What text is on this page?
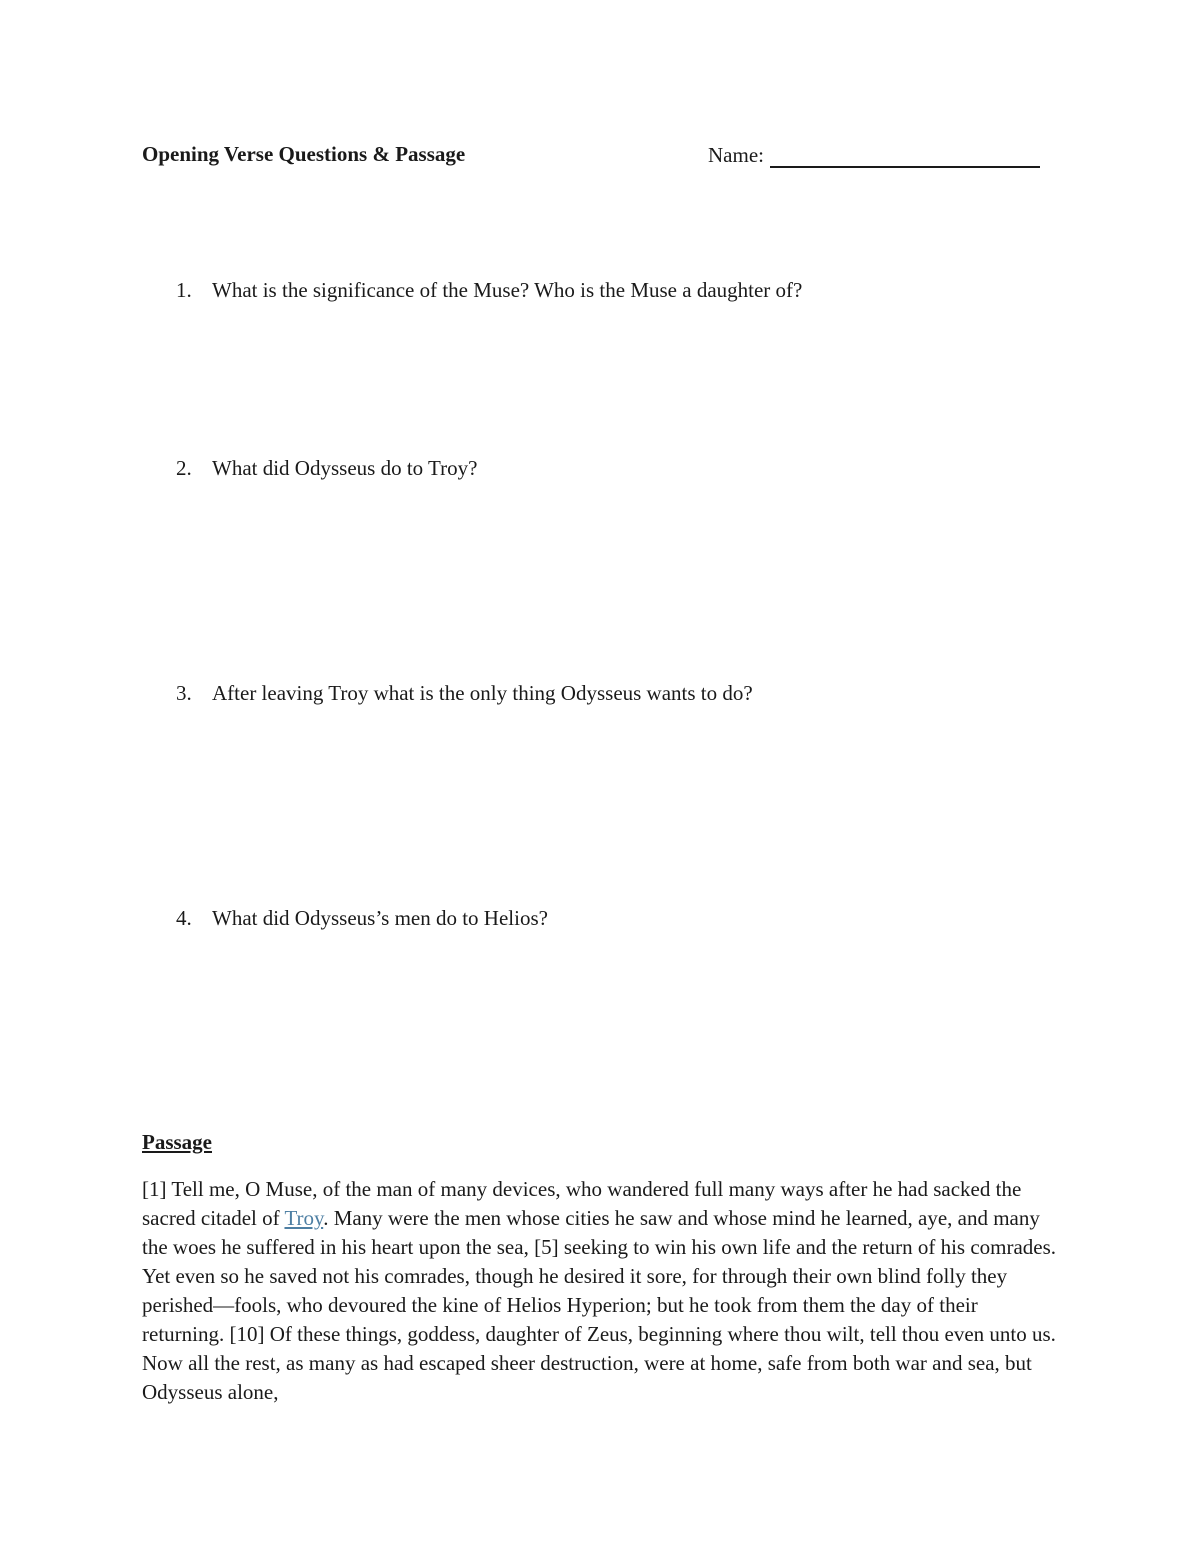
Opening Verse Questions & Passage	Name:
1. What is the significance of the Muse? Who is the Muse a daughter of?
2. What did Odysseus do to Troy?
3. After leaving Troy what is the only thing Odysseus wants to do?
4. What did Odysseus’s men do to Helios?
Passage
[1] Tell me, O Muse, of the man of many devices, who wandered full many ways after he had sacked the sacred citadel of Troy. Many were the men whose cities he saw and whose mind he learned, aye, and many the woes he suffered in his heart upon the sea, [5] seeking to win his own life and the return of his comrades. Yet even so he saved not his comrades, though he desired it sore, for through their own blind folly they perished—fools, who devoured the kine of Helios Hyperion; but he took from them the day of their returning. [10] Of these things, goddess, daughter of Zeus, beginning where thou wilt, tell thou even unto us. Now all the rest, as many as had escaped sheer destruction, were at home, safe from both war and sea, but Odysseus alone,
